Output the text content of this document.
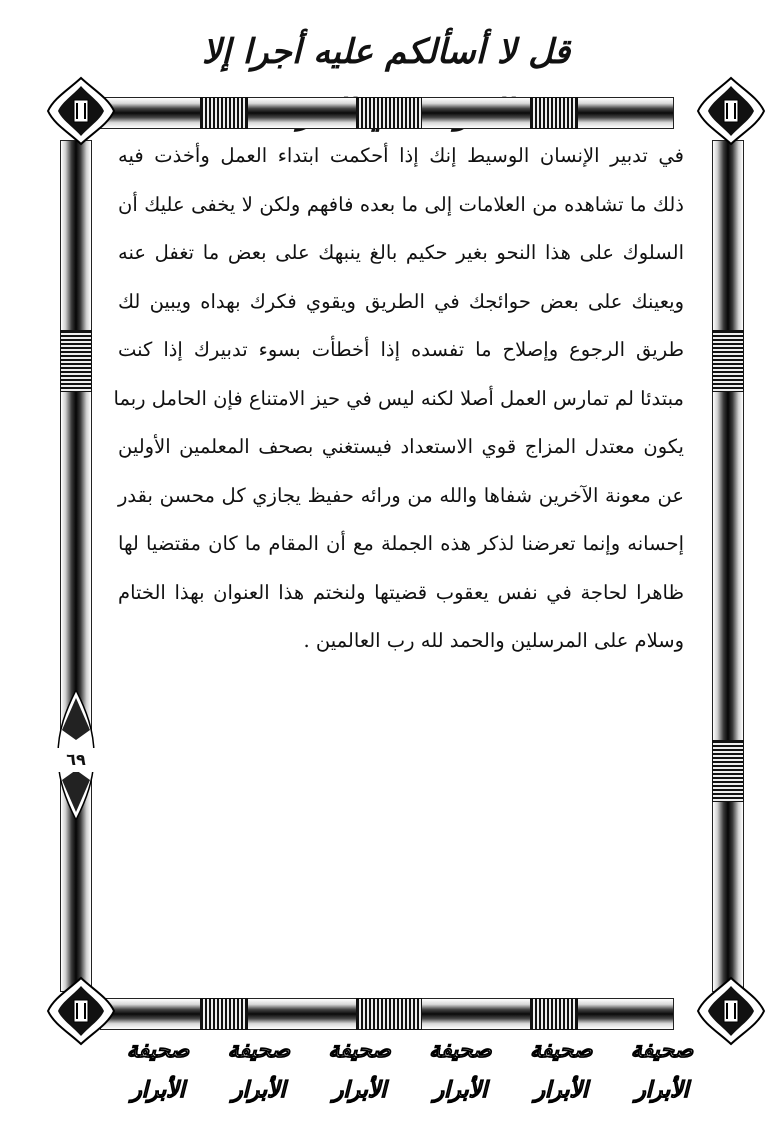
قل لا أسألكم عليه أجرا إلا
٦٩
في تدبير الإنسان الوسيط إنك إذا أحكمت ابتداء العمل وأخذت فيه
ذلك ما تشاهده من العلامات إلى ما بعده فافهم ولكن لا يخفى عليك أن
السلوك على هذا النحو بغير حكيم بالغ ينبهك على بعض ما تغفل عنه
ويعينك على بعض حوائجك في الطريق ويقوي فكرك بهداه ويبين لك
طريق الرجوع وإصلاح ما تفسده إذا أخطأت بسوء تدبيرك إذا كنت
مبتدئا لم تمارس العمل أصلا لكنه ليس في حيز الامتناع فإن الحامل ربما
يكون معتدل المزاج قوي الاستعداد فيستغني بصحف المعلمين الأولين
عن معونة الآخرين شفاها والله من ورائه حفيظ يجازي كل محسن بقدر
إحسانه وإنما تعرضنا لذكر هذه الجملة مع أن المقام ما كان مقتضيا لها
ظاهرا لحاجة في نفس يعقوب قضيتها ولنختم هذا العنوان بهذا الختام
وسلام على المرسلين والحمد لله رب العالمين .
صحيفة الأبرار
صحيفة الأبرار
صحيفة الأبرار
صحيفة الأبرار
صحيفة الأبرار
صحيفة الأبرار
